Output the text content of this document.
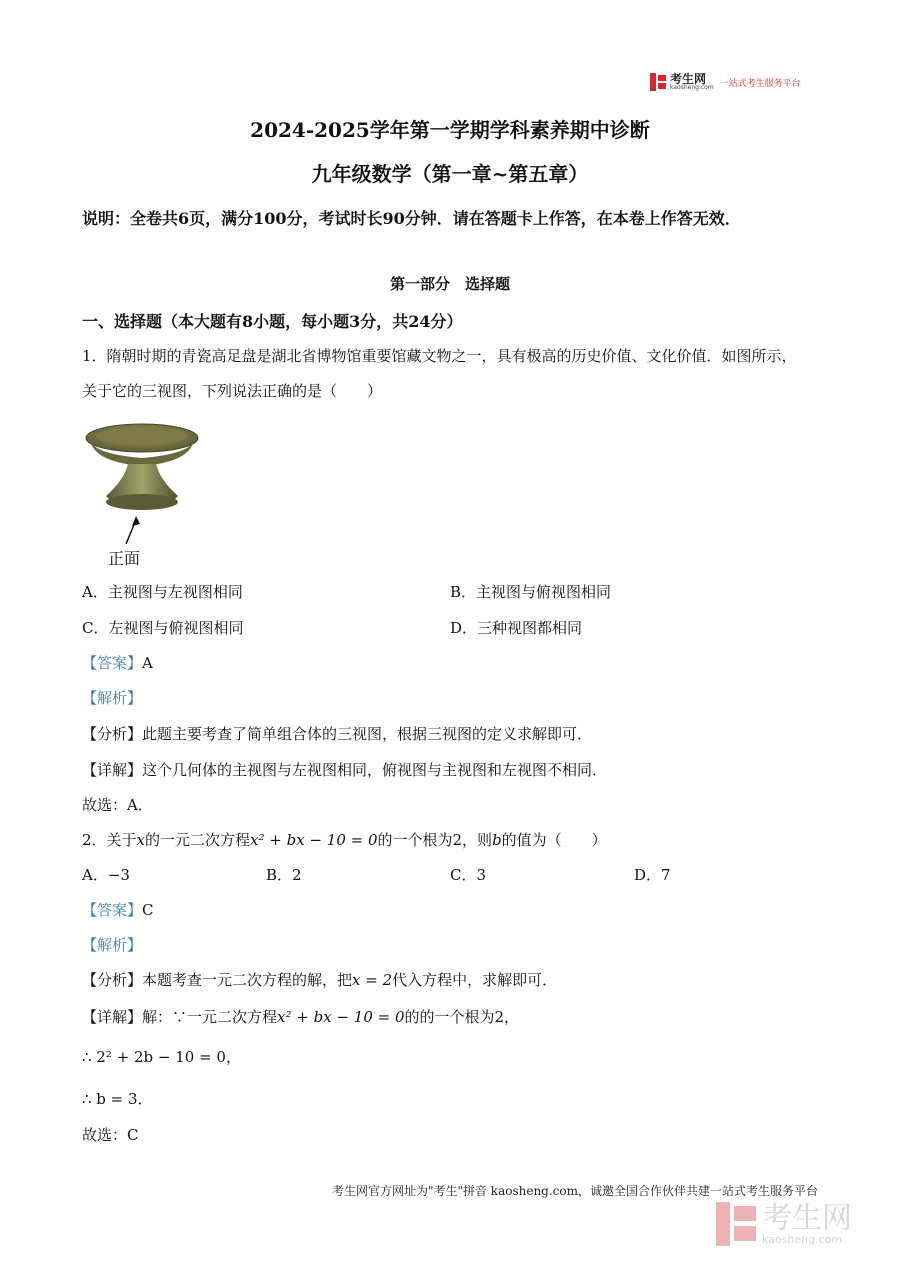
考生网
kaosheng.com 一站式考生服务平台
2024-2025学年第一学期学科素养期中诊断
九年级数学（第一章~第五章）
说明：全卷共6页，满分100分，考试时长90分钟．请在答题卡上作答，在本卷上作答无效．
第一部分　选择题
一、选择题（本大题有8小题，每小题3分，共24分）
1．隋朝时期的青瓷高足盘是湖北省博物馆重要馆藏文物之一，具有极高的历史价值、文化价值．如图所示，
关于它的三视图，下列说法正确的是（　　）
正面
A．主视图与左视图相同	B．主视图与俯视图相同
C．左视图与俯视图相同	D．三种视图都相同
【答案】A
【解析】
【分析】此题主要考查了简单组合体的三视图，根据三视图的定义求解即可．
【详解】这个几何体的主视图与左视图相同，俯视图与主视图和左视图不相同．
故选：A．
2．关于x的一元二次方程x² + bx − 10 = 0的一个根为2，则b的值为（　　）
A．−3	B．2	C．3	D．7
【答案】C
【解析】
【分析】本题考查一元二次方程的解，把x = 2代入方程中，求解即可．
【详解】解：∵一元二次方程x² + bx − 10 = 0的的一个根为2，
∴ 2² + 2b − 10 = 0，
∴ b = 3．
故选：C
考生网官方网址为"考生"拼音 kaosheng.com，诚邀全国合作伙伴共建一站式考生服务平台
考生网
kaosheng.com
